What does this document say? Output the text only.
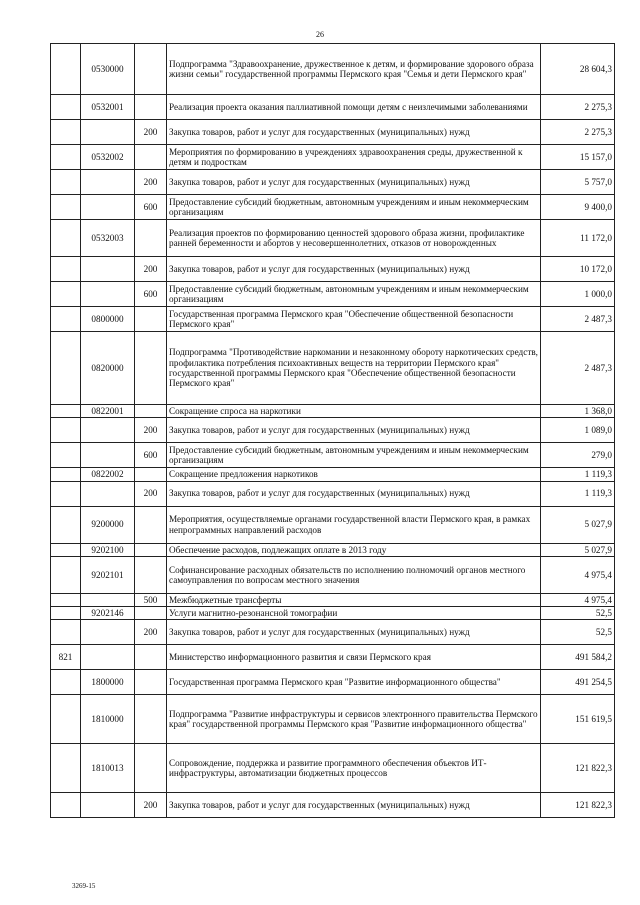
26
	0530000		Подпрограмма "Здравоохранение, дружественное к детям, и формирование здорового образа жизни семьи" государственной программы Пермского края "Семья и дети Пермского края"	28 604,3
	0532001		Реализация проекта оказания паллиативной помощи детям с неизлечимыми заболеваниями	2 275,3
		200	Закупка товаров, работ и услуг для государственных (муниципальных) нужд	2 275,3
	0532002		Мероприятия по формированию в учреждениях здравоохранения среды, дружественной к детям и подросткам	15 157,0
		200	Закупка товаров, работ и услуг для государственных (муниципальных) нужд	5 757,0
		600	Предоставление субсидий бюджетным, автономным учреждениям и иным некоммерческим организациям	9 400,0
	0532003		Реализация проектов по формированию ценностей здорового образа жизни, профилактике ранней беременности и абортов у несовершеннолетних, отказов от новорожденных	11 172,0
		200	Закупка товаров, работ и услуг для государственных (муниципальных) нужд	10 172,0
		600	Предоставление субсидий бюджетным, автономным учреждениям и иным некоммерческим организациям	1 000,0
	0800000		Государственная программа Пермского края "Обеспечение общественной безопасности Пермского края"	2 487,3
	0820000		Подпрограмма "Противодействие наркомании и незаконному обороту наркотических средств, профилактика потребления психоактивных веществ на территории Пермского края" государственной программы Пермского края "Обеспечение общественной безопасности Пермского края"	2 487,3
	0822001		Сокращение спроса на наркотики	1 368,0
		200	Закупка товаров, работ и услуг для государственных (муниципальных) нужд	1 089,0
		600	Предоставление субсидий бюджетным, автономным учреждениям и иным некоммерческим организациям	279,0
	0822002		Сокращение предложения наркотиков	1 119,3
		200	Закупка товаров, работ и услуг для государственных (муниципальных) нужд	1 119,3
	9200000		Мероприятия, осуществляемые органами государственной власти Пермского края, в рамках непрограммных направлений расходов	5 027,9
	9202100		Обеспечение расходов, подлежащих оплате в 2013 году	5 027,9
	9202101		Софинансирование расходных обязательств по исполнению полномочий органов местного самоуправления по вопросам местного значения	4 975,4
		500	Межбюджетные трансферты	4 975,4
	9202146		Услуги магнитно-резонансной томографии	52,5
		200	Закупка товаров, работ и услуг для государственных (муниципальных) нужд	52,5
821			Министерство информационного развития и связи Пермского края	491 584,2
	1800000		Государственная программа Пермского края "Развитие информационного общества"	491 254,5
	1810000		Подпрограмма "Развитие инфраструктуры и сервисов электронного правительства Пермского края" государственной программы Пермского края "Развитие информационного общества"	151 619,5
	1810013		Сопровождение, поддержка и развитие программного обеспечения объектов ИТ-инфраструктуры, автоматизации бюджетных процессов	121 822,3
		200	Закупка товаров, работ и услуг для государственных (муниципальных) нужд	121 822,3
3269-15
